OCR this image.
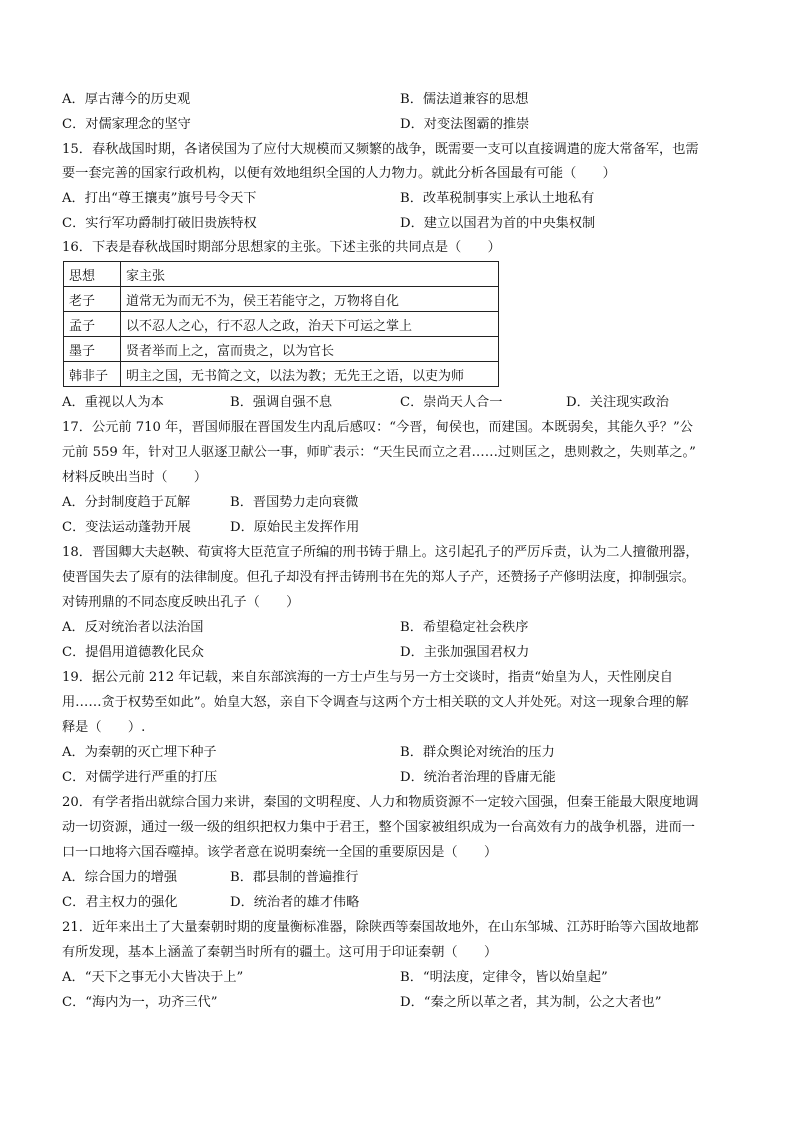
A．厚古薄今的历史观	B．儒法道兼容的思想
C．对儒家理念的坚守	D．对变法图霸的推崇
15．春秋战国时期，各诸侯国为了应付大规模而又频繁的战争，既需要一支可以直接调遣的庞大常备军，也需
要一套完善的国家行政机构，以便有效地组织全国的人力物力。就此分析各国最有可能（　　）
A．打出“尊王攘夷”旗号号令天下	B．改革税制事实上承认土地私有
C．实行军功爵制打破旧贵族特权	D．建立以国君为首的中央集权制
16．下表是春秋战国时期部分思想家的主张。下述主张的共同点是（　　）
思想	家主张
老子	道常无为而无不为，侯王若能守之，万物将自化
孟子	以不忍人之心，行不忍人之政，治天下可运之掌上
墨子	贤者举而上之，富而贵之，以为官长
韩非子	明主之国，无书简之文，以法为教；无先王之语，以吏为师
A．重视以人为本	B．强调自强不息	C．崇尚天人合一	D．关注现实政治
17．公元前 710 年，晋国师服在晋国发生内乱后感叹：“今晋，甸侯也，而建国。本既弱矣，其能久乎？”公
元前 559 年，针对卫人驱逐卫献公一事，师旷表示：“天生民而立之君……过则匡之，患则救之，失则革之。”
材料反映出当时（　　）
A．分封制度趋于瓦解	B．晋国势力走向衰微
C．变法运动蓬勃开展	D．原始民主发挥作用
18．晋国卿大夫赵鞅、荀寅将大臣范宣子所编的刑书铸于鼎上。这引起孔子的严厉斥责，认为二人擅徹刑器，
使晋国失去了原有的法律制度。但孔子却没有抨击铸刑书在先的郑人子产，还赞扬子产修明法度，抑制强宗。
对铸刑鼎的不同态度反映出孔子（　　）
A．反对统治者以法治国	B．希望稳定社会秩序
C．提倡用道德教化民众	D．主张加强国君权力
19．据公元前 212 年记载，来自东部滨海的一方士卢生与另一方士交谈时，指责“始皇为人，天性刚戾自
用……贪于权势至如此”。始皇大怒，亲自下令调查与这两个方士相关联的文人并处死。对这一现象合理的解
释是（　　）.
A．为秦朝的灭亡埋下种子	B．群众舆论对统治的压力
C．对儒学进行严重的打压	D．统治者治理的昏庸无能
20．有学者指出就综合国力来讲，秦国的文明程度、人力和物质资源不一定较六国强，但秦王能最大限度地调
动一切资源，通过一级一级的组织把权力集中于君王，整个国家被组织成为一台高效有力的战争机器，进而一
口一口地将六国吞噬掉。该学者意在说明秦统一全国的重要原因是（　　）
A．综合国力的增强	B．郡县制的普遍推行
C．君主权力的强化	D．统治者的雄才伟略
21．近年来出土了大量秦朝时期的度量衡标准器，除陕西等秦国故地外，在山东邹城、江苏盱眙等六国故地都
有所发现，基本上涵盖了秦朝当时所有的疆土。这可用于印证秦朝（　　）
A．“天下之事无小大皆决于上”	B．“明法度，定律令，皆以始皇起”
C．“海内为一，功齐三代”	D．“秦之所以革之者，其为制，公之大者也”
